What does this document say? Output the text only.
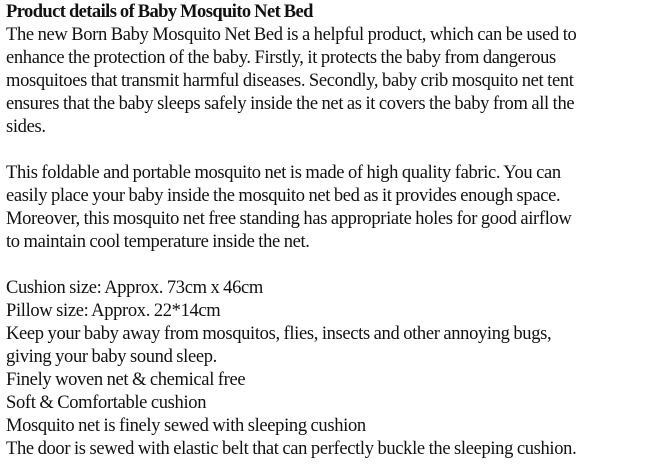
Product details of Baby Mosquito Net Bed

The new Born Baby Mosquito Net Bed is a helpful product, which can be used to
enhance the protection of the baby. Firstly, it protects the baby from dangerous
mosquitoes that transmit harmful diseases. Secondly, baby crib mosquito net tent
ensures that the baby sleeps safely inside the net as it covers the baby from all the
sides.

This foldable and portable mosquito net is made of high quality fabric. You can
easily place your baby inside the mosquito net bed as it provides enough space.
Moreover, this mosquito net free standing has appropriate holes for good airflow
to maintain cool temperature inside the net.

Cushion size: Approx. 73cm x 46cm
Pillow size: Approx. 22*14cm
Keep your baby away from mosquitos, flies, insects and other annoying bugs,
giving your baby sound sleep.
Finely woven net & chemical free
Soft & Comfortable cushion
Mosquito net is finely sewed with sleeping cushion
The door is sewed with elastic belt that can perfectly buckle the sleeping cushion.
